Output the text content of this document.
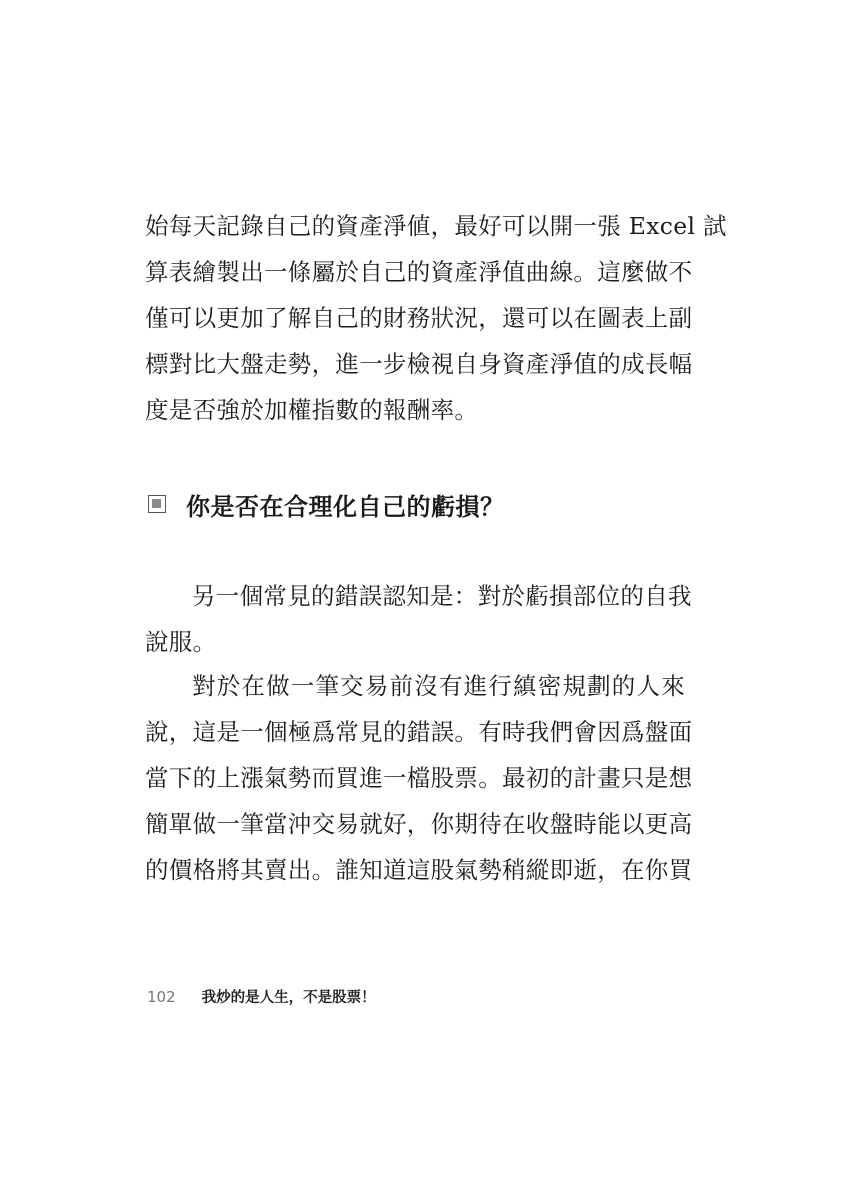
始每天記錄自己的資產淨値，最好可以開一張 Excel 試
算表繪製出一條屬於自己的資產淨值曲線。這麼做不
僅可以更加了解自己的財務狀況，還可以在圖表上副
標對比大盤走勢，進一步檢視自身資產淨值的成長幅
度是否強於加權指數的報酬率。
你是否在合理化自己的虧損？
另一個常見的錯誤認知是：對於虧損部位的自我
說服。
對於在做一筆交易前沒有進行縝密規劃的人來
說，這是一個極爲常見的錯誤。有時我們會因爲盤面
當下的上漲氣勢而買進一檔股票。最初的計畫只是想
簡單做一筆當沖交易就好，你期待在收盤時能以更高
的價格將其賣出。誰知道這股氣勢稍縱即逝，在你買
102 我炒的是人生，不是股票！
